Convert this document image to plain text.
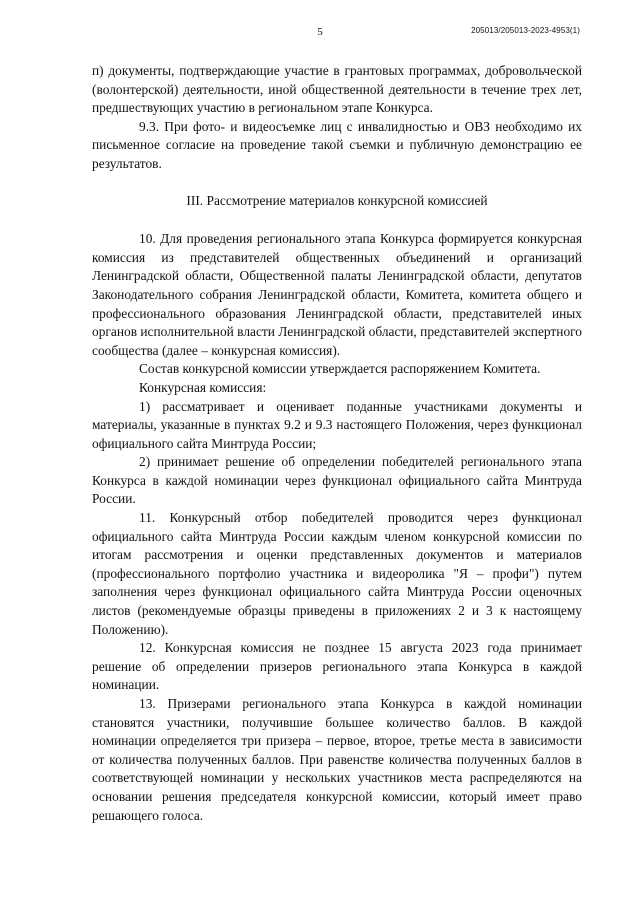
5	205013/205013-2023-4953(1)

п) документы, подтверждающие участие в грантовых программах, добровольческой (волонтерской) деятельности, иной общественной деятельности в течение трех лет, предшествующих участию в региональном этапе Конкурса.

9.3. При фото- и видеосъемке лиц с инвалидностью и ОВЗ необходимо их письменное согласие на проведение такой съемки и публичную демонстрацию ее результатов.

III. Рассмотрение материалов конкурсной комиссией

10. Для проведения регионального этапа Конкурса формируется конкурсная комиссия из представителей общественных объединений и организаций Ленинградской области, Общественной палаты Ленинградской области, депутатов Законодательного собрания Ленинградской области, Комитета, комитета общего и профессионального образования Ленинградской области, представителей иных органов исполнительной власти Ленинградской области, представителей экспертного сообщества (далее – конкурсная комиссия).

Состав конкурсной комиссии утверждается распоряжением Комитета.

Конкурсная комиссия:

1) рассматривает и оценивает поданные участниками документы и материалы, указанные в пунктах 9.2 и 9.3 настоящего Положения, через функционал официального сайта Минтруда России;

2) принимает решение об определении победителей регионального этапа Конкурса в каждой номинации через функционал официального сайта Минтруда России.

11. Конкурсный отбор победителей проводится через функционал официального сайта Минтруда России каждым членом конкурсной комиссии по итогам рассмотрения и оценки представленных документов и материалов (профессионального портфолио участника и видеоролика "Я – профи") путем заполнения через функционал официального сайта Минтруда России оценочных листов (рекомендуемые образцы приведены в приложениях 2 и 3 к настоящему Положению).

12. Конкурсная комиссия не позднее 15 августа 2023 года принимает решение об определении призеров регионального этапа Конкурса в каждой номинации.

13. Призерами регионального этапа Конкурса в каждой номинации становятся участники, получившие большее количество баллов. В каждой номинации определяется три призера – первое, второе, третье места в зависимости от количества полученных баллов. При равенстве количества полученных баллов в соответствующей номинации у нескольких участников места распределяются на основании решения председателя конкурсной комиссии, который имеет право решающего голоса.
